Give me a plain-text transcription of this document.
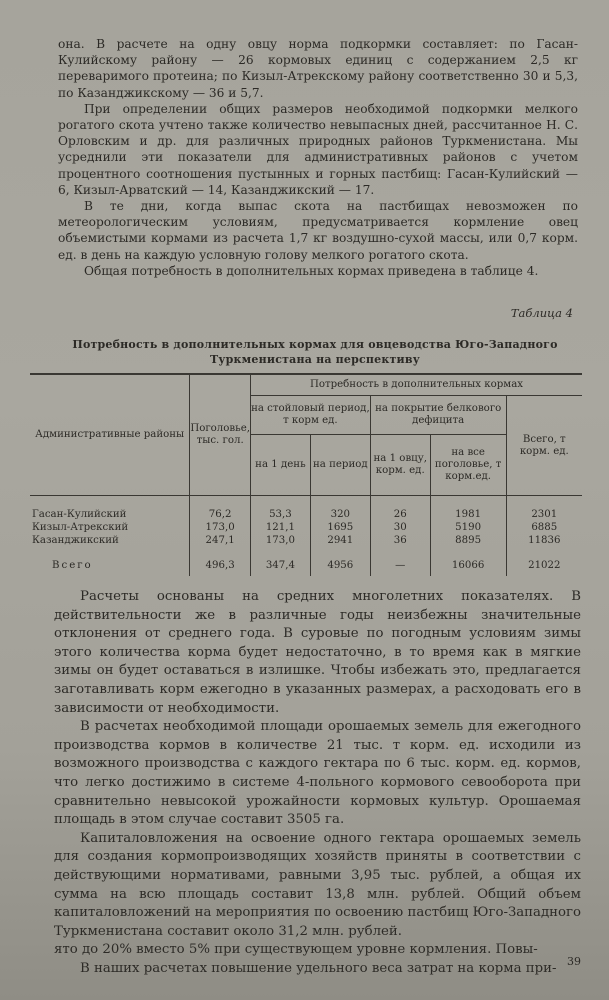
она. В расчете на одну овцу норма подкормки составляет: по Гасан-Кулийскому району — 26 кормовых единиц с содержанием 2,5 кг переваримого протеина; по Кизыл-Атрекскому району соответственно 30 и 5,3, по Казанджикскому — 36 и 5,7.

При определении общих размеров необходимой подкормки мелкого рогатого скота учтено также количество невыпасных дней, рассчитанное Н. С. Орловским и др. для различных природных районов Туркменистана. Мы усреднили эти показатели для административных районов с учетом процентного соотношения пустынных и горных пастбищ: Гасан-Кулийский — 6, Кизыл-Арватский — 14, Казанджикский — 17.

В те дни, когда выпас скота на пастбищах невозможен по метеорологическим условиям, предусматривается кормление овец объемистыми кормами из расчета 1,7 кг воздушно-сухой массы, или 0,7 корм. ед. в день на каждую условную голову мелкого рогатого скота.

Общая потребность в дополнительных кормах приведена в таблице 4.

Таблица 4
Потребность в дополнительных кормах для овцеводства Юго-Западного
Туркменистана на перспективу
Административные районы	Поголовье, тыс. гол.	Потребность в дополнительных кормах				
		на стойловый период, т корм ед.		на покрытие белкового дефицита		Всего, т корм. ед.
		на 1 день	на период	на 1 овцу, корм. ед.	на все поголовье, т корм.ед.	
Гасан-Кулийский	76,2	53,3	320	26	1981	2301
Кизыл-Атрекский	173,0	121,1	1695	30	5190	6885
Казанджикский	247,1	173,0	2941	36	8895	11836
Всего	496,3	347,4	4956	—	16066	21022

Расчеты основаны на средних многолетних показателях. В действительности же в различные годы неизбежны значительные отклонения от среднего года. В суровые по погодным условиям зимы этого количества корма будет недостаточно, в то время как в мягкие зимы он будет оставаться в излишке. Чтобы избежать это, предлагается заготавливать корм ежегодно в указанных размерах, а расходовать его в зависимости от необходимости.

В расчетах необходимой площади орошаемых земель для ежегодного производства кормов в количестве 21 тыс. т корм. ед. исходили из возможного производства с каждого гектара по 6 тыс. корм. ед. кормов, что легко достижимо в системе 4-польного кормового севооборота при сравнительно невысокой урожайности кормовых культур. Орошаемая площадь в этом случае составит 3505 га.

Капиталовложения на освоение одного гектара орошаемых земель для создания кормопроизводящих хозяйств приняты в соответствии с действующими нормативами, равными 3,95 тыс. рублей, а общая их сумма на всю площадь составит 13,8 млн. рублей. Общий объем капиталовложений на мероприятия по освоению пастбищ Юго-Западного Туркменистана составит около 31,2 млн. рублей.

ято до 20% вместо 5% при существующем уровне кормления. Повы-

В наших расчетах повышение удельного веса затрат на корма при- 39
